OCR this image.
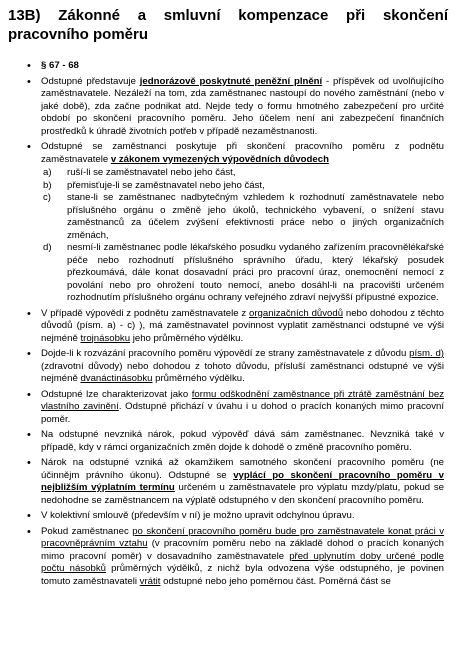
13B) Zákonné a smluvní kompenzace při skončení pracovního poměru
• § 67 - 68
• Odstupné představuje jednorázově poskytnuté peněžní plnění - příspěvek od uvolňujícího zaměstnavatele. Nezáleží na tom, zda zaměstnanec nastoupí do nového zaměstnání (nebo v jaké době), zda začne podnikat atd. Nejde tedy o formu hmotného zabezpečení pro určité období po skončení pracovního poměru. Jeho účelem není ani zabezpečení finančních prostředků k úhradě životních potřeb v případě nezaměstnanosti.
• Odstupné se zaměstnanci poskytuje při skončení pracovního poměru z podnětu zaměstnavatele v zákonem vymezených výpovědních důvodech
a) ruší-li se zaměstnavatel nebo jeho část,
b) přemisťuje-li se zaměstnavatel nebo jeho část,
c) stane-li se zaměstnanec nadbytečným vzhledem k rozhodnutí zaměstnavatele nebo příslušného orgánu o změně jeho úkolů, technického vybavení, o snížení stavu zaměstnanců za účelem zvýšení efektivnosti práce nebo o jiných organizačních změnách,
d) nesmí-li zaměstnanec podle lékařského posudku vydaného zařízením pracovnělékařské péče nebo rozhodnutí příslušného správního úřadu, který lékařský posudek přezkoumává, dále konat dosavadní práci pro pracovní úraz, onemocnění nemocí z povolání nebo pro ohrožení touto nemocí, anebo dosáhl-li na pracovišti určeném rozhodnutím příslušného orgánu ochrany veřejného zdraví nejvyšší přípustné expozice.
• V případě výpovědi z podnětu zaměstnavatele z organizačních důvodů nebo dohodou z těchto důvodů (písm. a) - c) ), má zaměstnavatel povinnost vyplatit zaměstnanci odstupné ve výši nejméně trojnásobku jeho průměrného výdělku.
• Dojde-li k rozvázání pracovního poměru výpovědí ze strany zaměstnavatele z důvodu písm. d) (zdravotní důvody) nebo dohodou z tohoto důvodu, přísluší zaměstnanci odstupné ve výši nejméně dvanáctinásobku průměrného výdělku.
• Odstupné lze charakterizovat jako formu odškodnění zaměstnance při ztrátě zaměstnání bez vlastního zavinění. Odstupné přichází v úvahu i u dohod o pracích konaných mimo pracovní poměr.
• Na odstupné nevzniká nárok, pokud výpověď dává sám zaměstnanec. Nevzniká také v případě, kdy v rámci organizačních změn dojde k dohodě o změně pracovního poměru.
• Nárok na odstupné vzniká až okamžikem samotného skončení pracovního poměru (ne účinnějm právního úkonu). Odstupné se vyplácí po skončení pracovního poměru v nejbližším výplatním termínu určeném u zaměstnavatele pro výplatu mzdy/platu, pokud se nedohodne se zaměstnancem na výplatě odstupného v den skončení pracovního poměru.
• V kolektivní smlouvě (především v ní) je možno upravit odchylnou úpravu.
• Pokud zaměstnanec po skončení pracovního poměru bude pro zaměstnavatele konat práci v pracovněprávním vztahu (v pracovním poměru nebo na základě dohod o pracích konaných mimo pracovní poměr) v dosavadního zaměstnavatele před uplynutím doby určené podle počtu násobků průměrných výdělků, z nichž byla odvozena výše odstupného, je povinen tomuto zaměstnavateli vrátit odstupné nebo jeho poměrnou část. Poměrná část se
